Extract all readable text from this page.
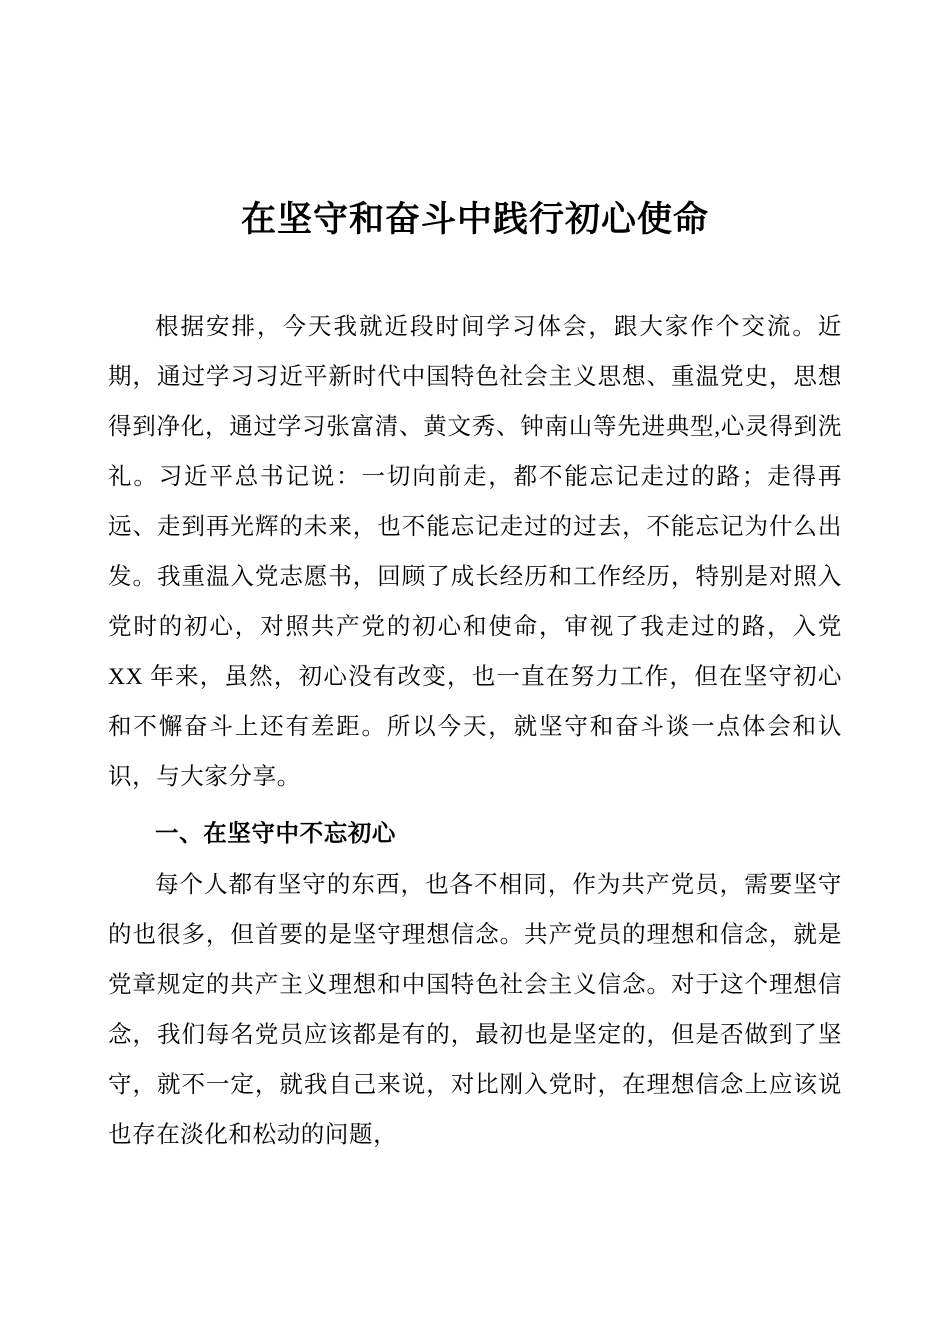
在坚守和奋斗中践行初心使命

根据安排，今天我就近段时间学习体会，跟大家作个交流。近期，通过学习习近平新时代中国特色社会主义思想、重温党史，思想得到净化，通过学习张富清、黄文秀、钟南山等先进典型,心灵得到洗礼。习近平总书记说：一切向前走，都不能忘记走过的路；走得再远、走到再光辉的未来，也不能忘记走过的过去，不能忘记为什么出发。我重温入党志愿书，回顾了成长经历和工作经历，特别是对照入党时的初心，对照共产党的初心和使命，审视了我走过的路，入党 XX 年来，虽然，初心没有改变，也一直在努力工作，但在坚守初心和不懈奋斗上还有差距。所以今天，就坚守和奋斗谈一点体会和认识，与大家分享。

一、在坚守中不忘初心

每个人都有坚守的东西，也各不相同，作为共产党员，需要坚守的也很多，但首要的是坚守理想信念。共产党员的理想和信念，就是党章规定的共产主义理想和中国特色社会主义信念。对于这个理想信念，我们每名党员应该都是有的，最初也是坚定的，但是否做到了坚守，就不一定，就我自己来说，对比刚入党时，在理想信念上应该说也存在淡化和松动的问题，
